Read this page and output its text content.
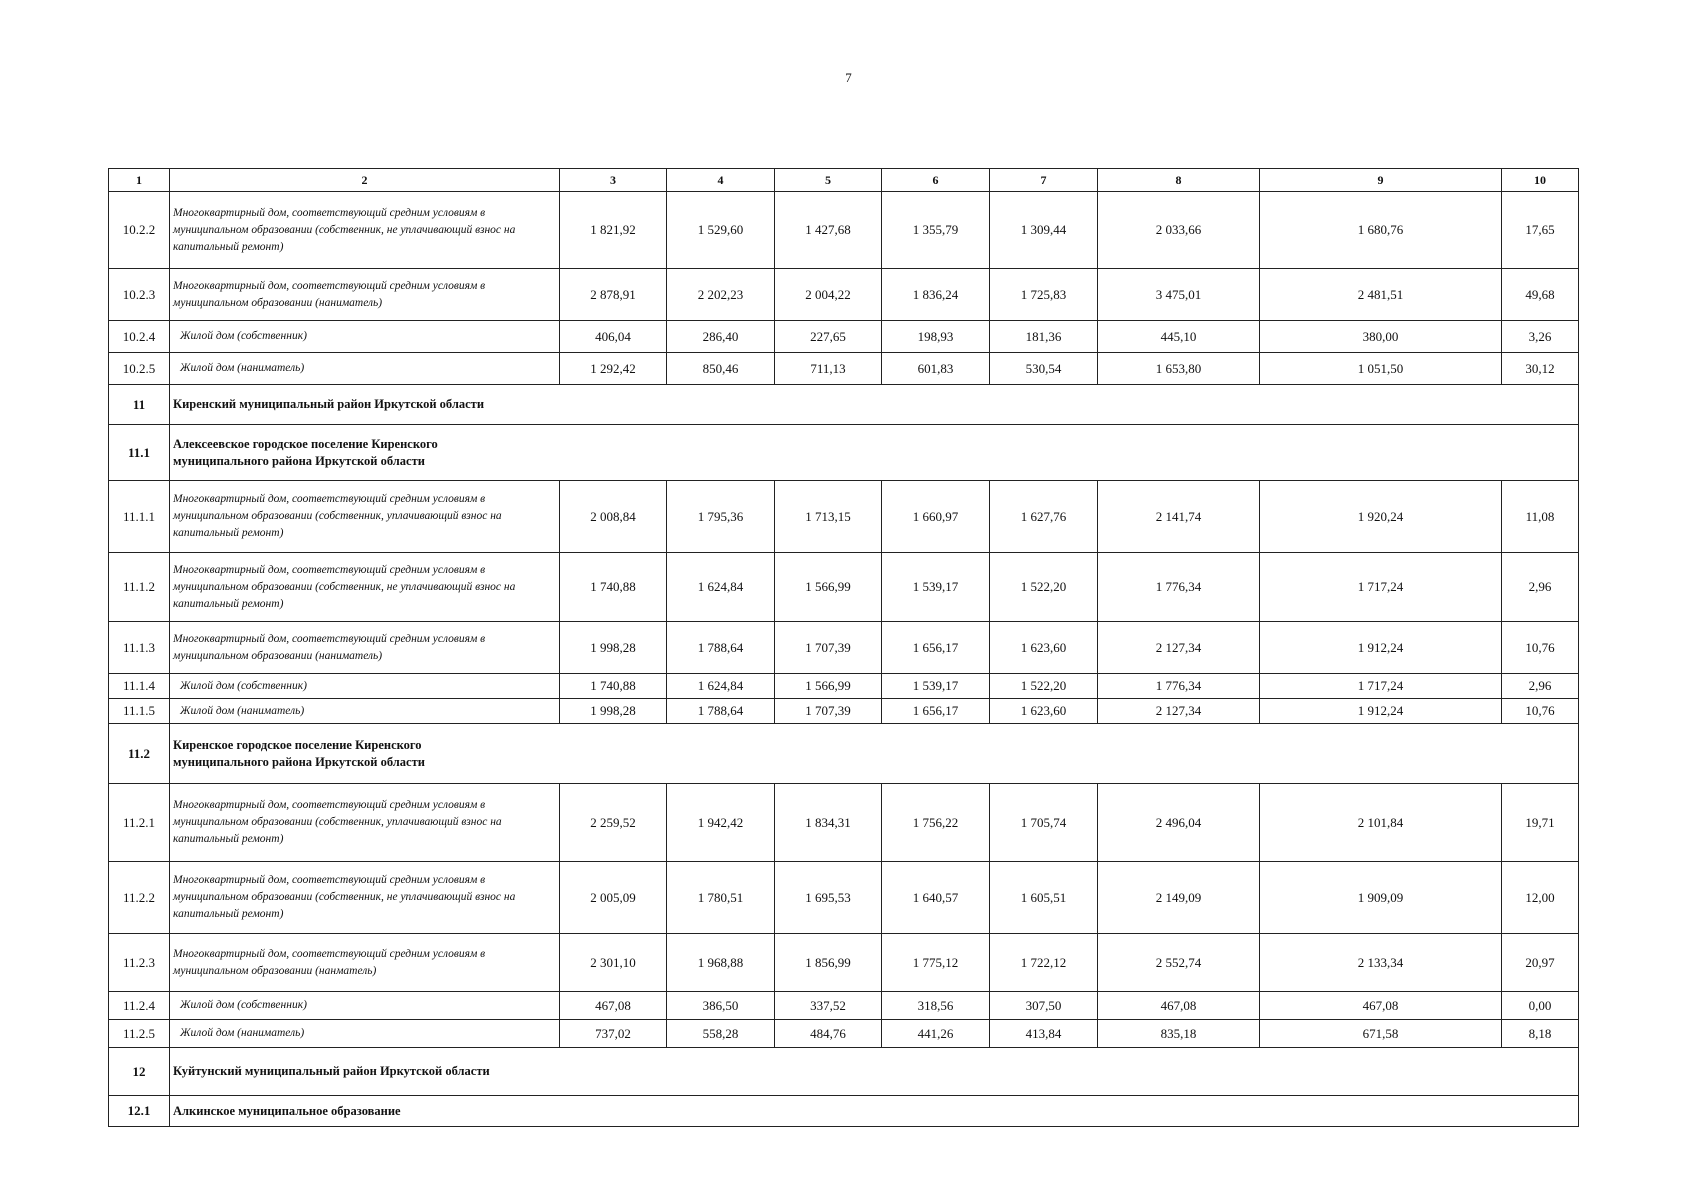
7
1	2	3	4	5	6	7	8	9	10
10.2.2	Многоквартирный дом, соответствующий средним условиям в муниципальном образовании (собственник, не уплачивающий взнос на капитальный ремонт)	1 821,92	1 529,60	1 427,68	1 355,79	1 309,44	2 033,66	1 680,76	17,65
10.2.3	Многоквартирный дом, соответствующий средним условиям в муниципальном образовании (наниматель)	2 878,91	2 202,23	2 004,22	1 836,24	1 725,83	3 475,01	2 481,51	49,68
10.2.4	Жилой дом (собственник)	406,04	286,40	227,65	198,93	181,36	445,10	380,00	3,26
10.2.5	Жилой дом (наниматель)	1 292,42	850,46	711,13	601,83	530,54	1 653,80	1 051,50	30,12
11	Киренский муниципальный район Иркутской области								
11.1	Алексеевское городское поселение Киренского муниципального района Иркутской области								
11.1.1	Многоквартирный дом, соответствующий средним условиям в муниципальном образовании (собственник, уплачивающий взнос на капитальный ремонт)	2 008,84	1 795,36	1 713,15	1 660,97	1 627,76	2 141,74	1 920,24	11,08
11.1.2	Многоквартирный дом, соответствующий средним условиям в муниципальном образовании (собственник, не уплачивающий взнос на капитальный ремонт)	1 740,88	1 624,84	1 566,99	1 539,17	1 522,20	1 776,34	1 717,24	2,96
11.1.3	Многоквартирный дом, соответствующий средним условиям в муниципальном образовании (наниматель)	1 998,28	1 788,64	1 707,39	1 656,17	1 623,60	2 127,34	1 912,24	10,76
11.1.4	Жилой дом (собственник)	1 740,88	1 624,84	1 566,99	1 539,17	1 522,20	1 776,34	1 717,24	2,96
11.1.5	Жилой дом (наниматель)	1 998,28	1 788,64	1 707,39	1 656,17	1 623,60	2 127,34	1 912,24	10,76
11.2	Киренское городское поселение Киренского муниципального района Иркутской области								
11.2.1	Многоквартирный дом, соответствующий средним условиям в муниципальном образовании (собственник, уплачивающий взнос на капитальный ремонт)	2 259,52	1 942,42	1 834,31	1 756,22	1 705,74	2 496,04	2 101,84	19,71
11.2.2	Многоквартирный дом, соответствующий средним условиям в муниципальном образовании (собственник, не уплачивающий взнос на капитальный ремонт)	2 005,09	1 780,51	1 695,53	1 640,57	1 605,51	2 149,09	1 909,09	12,00
11.2.3	Многоквартирный дом, соответствующий средним условиям в муниципальном образовании (нанматель)	2 301,10	1 968,88	1 856,99	1 775,12	1 722,12	2 552,74	2 133,34	20,97
11.2.4	Жилой дом (собственник)	467,08	386,50	337,52	318,56	307,50	467,08	467,08	0,00
11.2.5	Жилой дом (наниматель)	737,02	558,28	484,76	441,26	413,84	835,18	671,58	8,18
12	Куйтунский муниципальный район Иркутской области								
12.1	Алкинское муниципальное образование								
